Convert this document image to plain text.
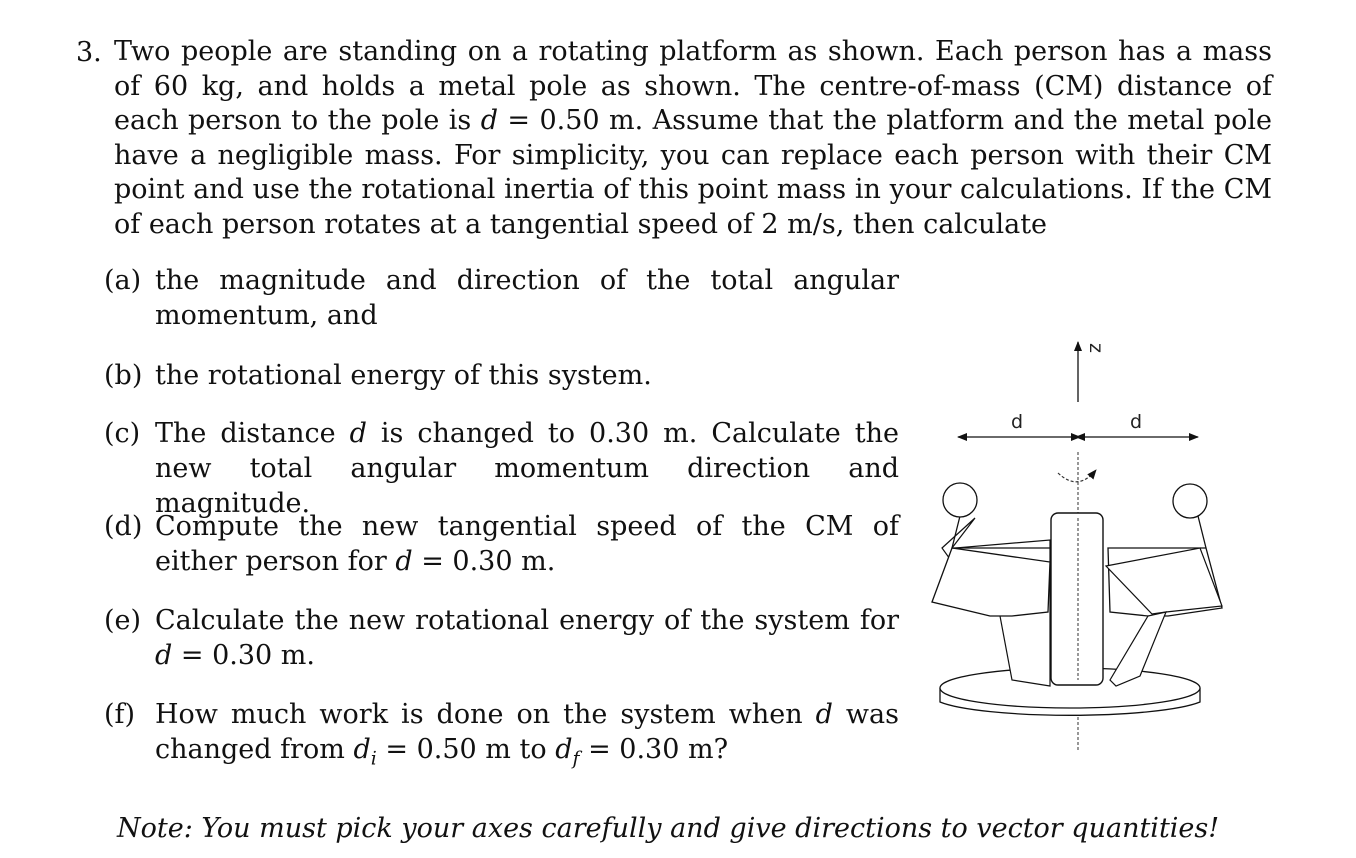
3. Two people are standing on a rotating platform as shown. Each person has a mass of 60 kg, and holds a metal pole as shown. The centre-of-mass (CM) distance of each person to the pole is d = 0.50 m. Assume that the platform and the metal pole have a negligible mass. For simplicity, you can replace each person with their CM point and use the rotational inertia of this point mass in your calculations. If the CM of each person rotates at a tangential speed of 2 m/s, then calculate
(a) the magnitude and direction of the total angular momentum, and
(b) the rotational energy of this system.
(c) The distance d is changed to 0.30 m. Calculate the new total angular momentum direction and magnitude.
(d) Compute the new tangential speed of the CM of either person for d = 0.30 m.
(e) Calculate the new rotational energy of the system for d = 0.30 m.
(f) How much work is done on the system when d was changed from $d_i = 0.50$ m to $d_f = 0.30$ m?
Note: You must pick your axes carefully and give directions to vector quantities!
z
d	d
